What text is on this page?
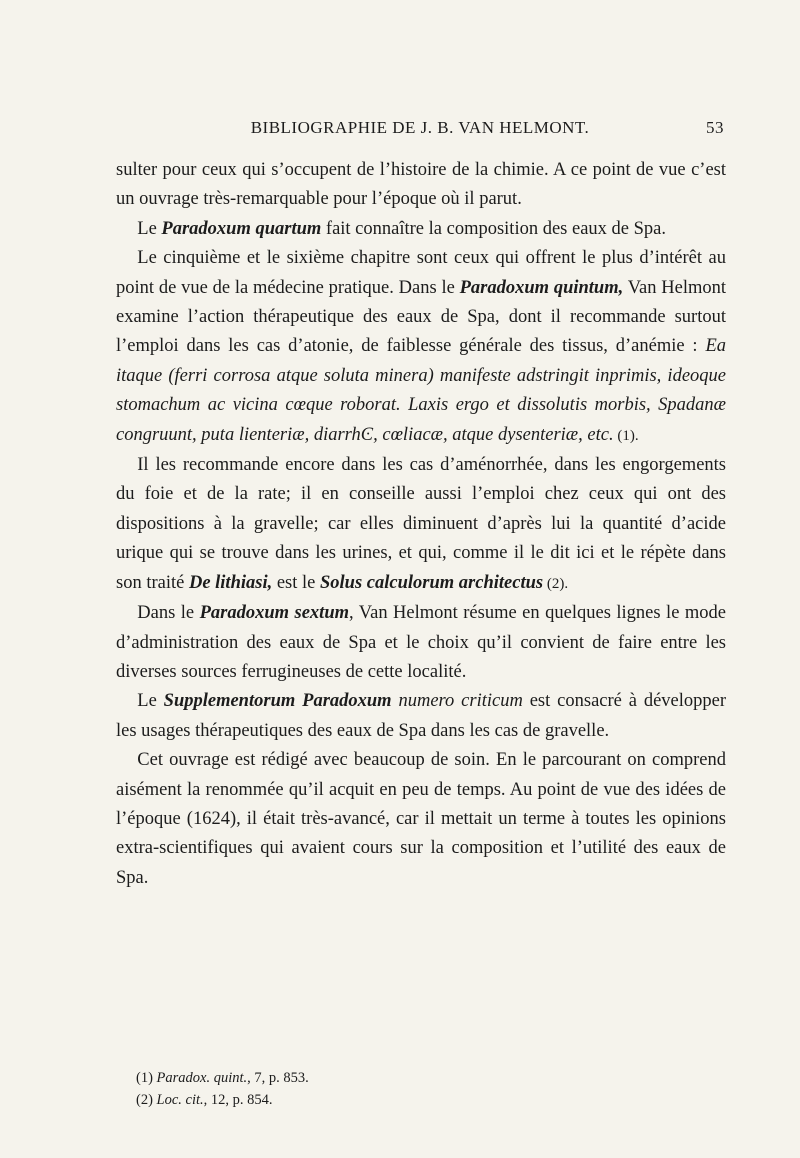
BIBLIOGRAPHIE DE J. B. VAN HELMONT.	53

sulter pour ceux qui s’occupent de l’histoire de la chimie. A ce point de vue c’est un ouvrage très-remarquable pour l’époque où il parut.

Le Paradoxum quartum fait connaître la composition des eaux de Spa.

Le cinquième et le sixième chapitre sont ceux qui offrent le plus d’intérêt au point de vue de la médecine pratique. Dans le Paradoxum quintum, Van Helmont examine l’action thérapeutique des eaux de Spa, dont il recommande surtout l’emploi dans les cas d’atonie, de faiblesse générale des tissus, d’anémie : Ea itaque (ferri corrosa atque soluta minera) manifeste adstringit inprimis, ideoque stomachum ac vicina cœque roborat. Laxis ergo et dissolutis morbis, Spadanæ congruunt, puta lienteriæ, diarrhϾ, cœliacæ, atque dysenteriæ, etc. (1).

Il les recommande encore dans les cas d’aménorrhée, dans les engorgements du foie et de la rate; il en conseille aussi l’emploi chez ceux qui ont des dispositions à la gravelle; car elles diminuent d’après lui la quantité d’acide urique qui se trouve dans les urines, et qui, comme il le dit ici et le répète dans son traité De lithiasi, est le Solus calculorum architectus (2).

Dans le Paradoxum sextum, Van Helmont résume en quelques lignes le mode d’administration des eaux de Spa et le choix qu’il convient de faire entre les diverses sources ferrugineuses de cette localité.

Le Supplementorum Paradoxum numero criticum est consacré à développer les usages thérapeutiques des eaux de Spa dans les cas de gravelle.

Cet ouvrage est rédigé avec beaucoup de soin. En le parcourant on comprend aisément la renommée qu’il acquit en peu de temps. Au point de vue des idées de l’époque (1624), il était très-avancé, car il mettait un terme à toutes les opinions extra-scientifiques qui avaient cours sur la composition et l’utilité des eaux de Spa.

(1) Paradox. quint., 7, p. 853.
(2) Loc. cit., 12, p. 854.
